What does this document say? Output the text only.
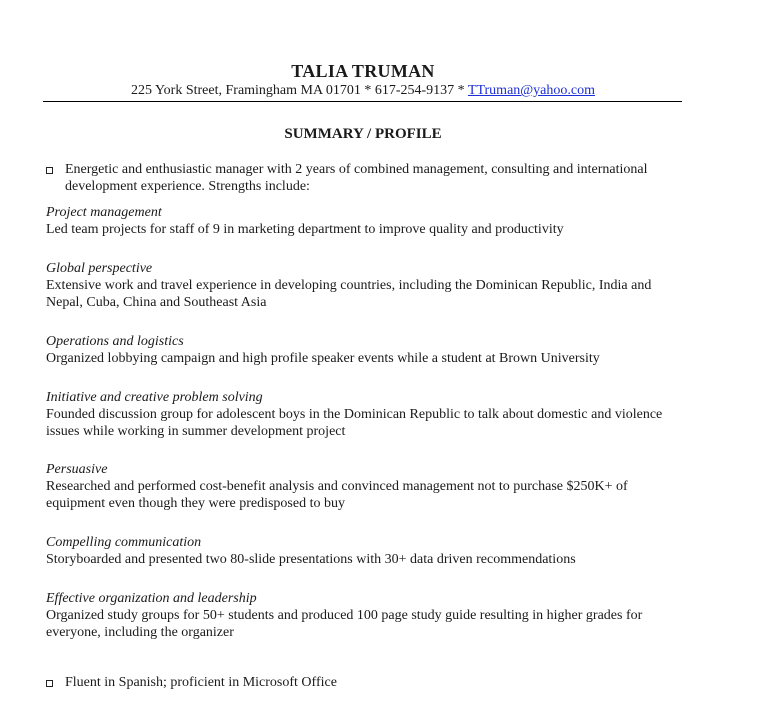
TALIA TRUMAN
225 York Street, Framingham MA 01701 * 617-254-9137 * TTruman@yahoo.com
SUMMARY / PROFILE
Energetic and enthusiastic manager with 2 years of combined management, consulting and international development experience. Strengths include:
Project management
Led team projects for staff of 9 in marketing department to improve quality and productivity
Global perspective
Extensive work and travel experience in developing countries, including the Dominican Republic, India and Nepal, Cuba, China and Southeast Asia
Operations and logistics
Organized lobbying campaign and high profile speaker events while a student at Brown University
Initiative and creative problem solving
Founded discussion group for adolescent boys in the Dominican Republic to talk about domestic and violence issues while working in summer development project
Persuasive
Researched and performed cost-benefit analysis and convinced management not to purchase $250K+ of equipment even though they were predisposed to buy
Compelling communication
Storyboarded and presented two 80-slide presentations with 30+ data driven recommendations
Effective organization and leadership
Organized study groups for 50+ students and produced 100 page study guide resulting in higher grades for everyone, including the organizer
Fluent in Spanish; proficient in Microsoft Office
